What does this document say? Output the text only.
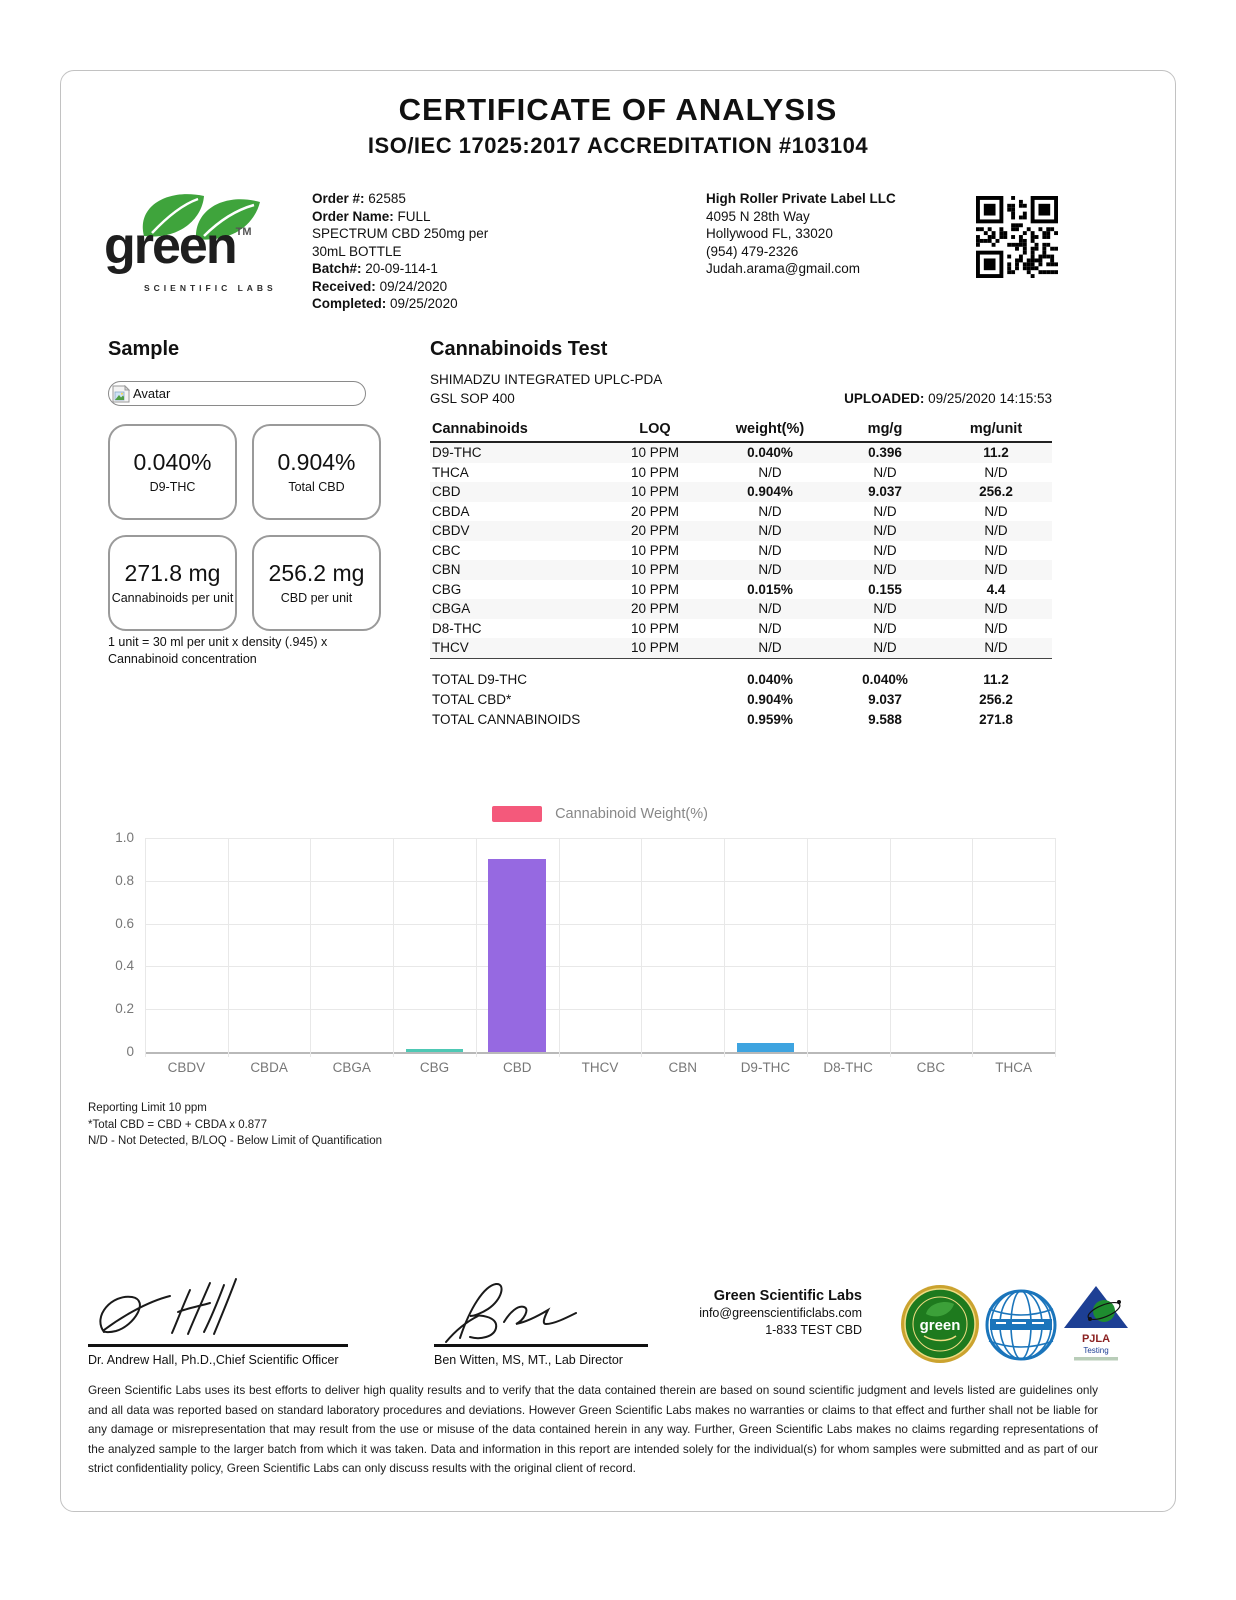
CERTIFICATE OF ANALYSIS
ISO/IEC 17025:2017 ACCREDITATION #103104
green™
SCIENTIFIC LABS
Order #: 62585
Order Name: FULL SPECTRUM CBD 250mg per 30mL BOTTLE
Batch#: 20-09-114-1
Received: 09/24/2020
Completed: 09/25/2020
High Roller Private Label LLC
4095 N 28th Way
Hollywood FL, 33020
(954) 479-2326
Judah.arama@gmail.com
Sample
Avatar
0.040%
D9-THC
0.904%
Total CBD
271.8 mg
Cannabinoids per unit
256.2 mg
CBD per unit
1 unit = 30 ml per unit x density (.945) x Cannabinoid concentration
Cannabinoids Test
SHIMADZU INTEGRATED UPLC-PDA
GSL SOP 400	UPLOADED: 09/25/2020 14:15:53
Cannabinoids	LOQ	weight(%)	mg/g	mg/unit
D9-THC	10 PPM	0.040%	0.396	11.2
THCA	10 PPM	N/D	N/D	N/D
CBD	10 PPM	0.904%	9.037	256.2
CBDA	20 PPM	N/D	N/D	N/D
CBDV	20 PPM	N/D	N/D	N/D
CBC	10 PPM	N/D	N/D	N/D
CBN	10 PPM	N/D	N/D	N/D
CBG	10 PPM	0.015%	0.155	4.4
CBGA	20 PPM	N/D	N/D	N/D
D8-THC	10 PPM	N/D	N/D	N/D
THCV	10 PPM	N/D	N/D	N/D
TOTAL D9-THC	0.040%	0.040%	11.2
TOTAL CBD*	0.904%	9.037	256.2
TOTAL CANNABINOIDS	0.959%	9.588	271.8
Cannabinoid Weight(%)
0
0.2
0.4
0.6
0.8
1.0
CBDV	CBDA	CBGA	CBG	CBD	THCV	CBN	D9-THC	D8-THC	CBC	THCA
Reporting Limit 10 ppm
*Total CBD = CBD + CBDA x 0.877
N/D - Not Detected, B/LOQ - Below Limit of Quantification
Dr. Andrew Hall, Ph.D.,Chief Scientific Officer	Ben Witten, MS, MT., Lab Director
Green Scientific Labs
info@greenscientificlabs.com
1-833 TEST CBD	green
PJLA
Testing
Green Scientific Labs uses its best efforts to deliver high quality results and to verify that the data contained therein are based on sound scientific judgment and levels listed are guidelines only and all data was reported based on standard laboratory procedures and deviations. However Green Scientific Labs makes no warranties or claims to that effect and further shall not be liable for any damage or misrepresentation that may result from the use or misuse of the data contained herein in any way. Further, Green Scientific Labs makes no claims regarding representations of the analyzed sample to the larger batch from which it was taken. Data and information in this report are intended solely for the individual(s) for whom samples were submitted and as part of our strict confidentiality policy, Green Scientific Labs can only discuss results with the original client of record.
